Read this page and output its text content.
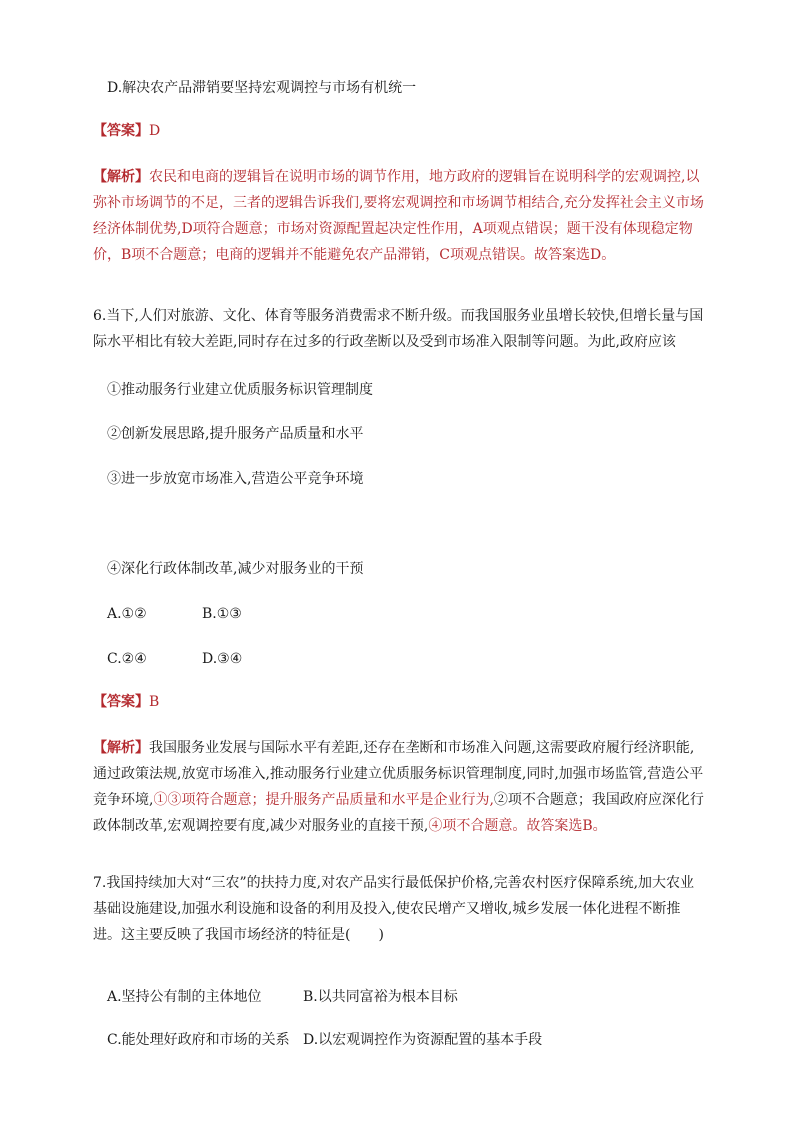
D.解决农产品滞销要坚持宏观调控与市场有机统一
【答案】D
【解析】农民和电商的逻辑旨在说明市场的调节作用，地方政府的逻辑旨在说明科学的宏观调控,以弥补市场调节的不足，三者的逻辑告诉我们,要将宏观调控和市场调节相结合,充分发挥社会主义市场经济体制优势,D项符合题意；市场对资源配置起决定性作用，A项观点错误；题干没有体现稳定物价，B项不合题意；电商的逻辑并不能避免农产品滞销，C项观点错误。故答案选D。
6.当下,人们对旅游、文化、体育等服务消费需求不断升级。而我国服务业虽增长较快,但增长量与国际水平相比有较大差距,同时存在过多的行政垄断以及受到市场准入限制等问题。为此,政府应该
①推动服务行业建立优质服务标识管理制度
②创新发展思路,提升服务产品质量和水平
③进一步放宽市场准入,营造公平竞争环境
④深化行政体制改革,减少对服务业的干预
A.①②	B.①③
C.②④	D.③④
【答案】B
【解析】我国服务业发展与国际水平有差距,还存在垄断和市场准入问题,这需要政府履行经济职能,通过政策法规,放宽市场准入,推动服务行业建立优质服务标识管理制度,同时,加强市场监管,营造公平竞争环境,①③项符合题意；提升服务产品质量和水平是企业行为,②项不合题意；我国政府应深化行政体制改革,宏观调控要有度,减少对服务业的直接干预,④项不合题意。故答案选B。
7.我国持续加大对“三农”的扶持力度,对农产品实行最低保护价格,完善农村医疗保障系统,加大农业基础设施建设,加强水利设施和设备的利用及投入,使农民增产又增收,城乡发展一体化进程不断推进。这主要反映了我国市场经济的特征是(　　)
A.坚持公有制的主体地位	B.以共同富裕为根本目标
C.能处理好政府和市场的关系 D.以宏观调控作为资源配置的基本手段
